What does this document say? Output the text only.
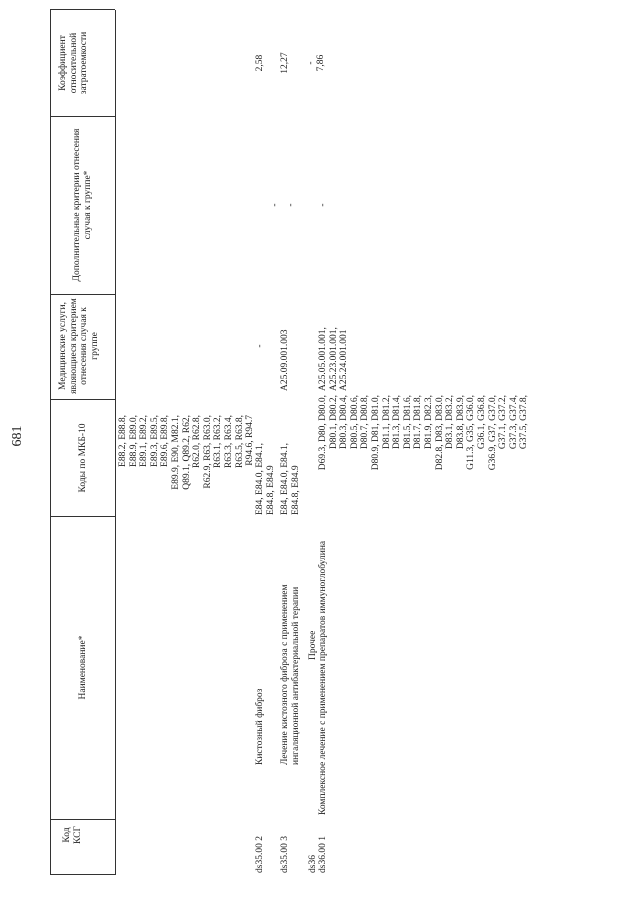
681
Код КСГ
Наименование*
Коды по МКБ-10
Медицинские услуги, являющиеся критерием отнесения случая к группе
Дополнительные критерии отнесения случая к группе*
Коэффициент относительной затратоемкости
E88.2, E88.8, E88.9, E89.0, E89.1, E89.2, E89.3, E89.5, E89.6, E89.8, E89.9, E90, M82.1, Q89.1, Q89.2, R62, R62.0, R62.8, R62.9, R63, R63.0, R63.1, R63.2, R63.3, R63.4, R63.5, R63.8, R94.6, R94.7
ds35.00 2
Кистозный фиброз
E84, E84.0, E84.1, E84.8, E84.9
-
-
2,58
ds35.00 3
Лечение кистозного фиброза с применением ингаляционной антибактериальной терапии
E84, E84.0, E84.1, E84.8, E84.9
A25.09.001.003
-
12,27
ds36
Прочее
-
ds36.00 1
Комплексное лечение с применением препаратов иммуноглобулина
D69.3, D80, D80.0, D80.1, D80.2, D80.3, D80.4, D80.5, D80.6, D80.7, D80.8, D80.9, D81, D81.0, D81.1, D81.2, D81.3, D81.4, D81.5, D81.6, D81.7, D81.8, D81.9, D82.3, D82.8, D83, D83.0, D83.1, D83.2, D83.8, D83.9, G11.3, G35, G36.0, G36.1, G36.8, G36.9, G37, G37.0, G37.1, G37.2, G37.3, G37.4, G37.5, G37.8,
A25.05.001.001, A25.23.001.001, A25.24.001.001
-
7,86
